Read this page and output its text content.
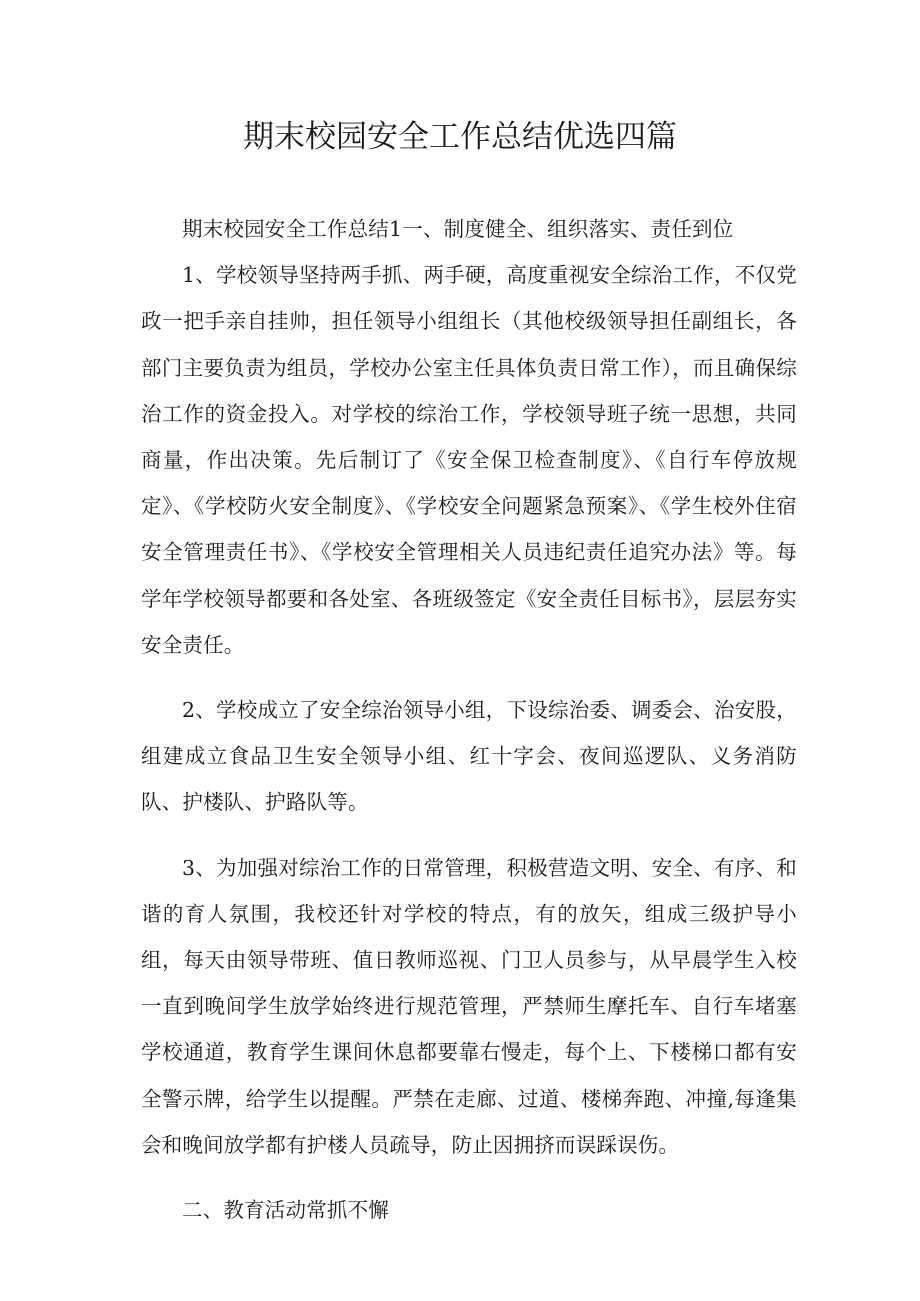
期末校园安全工作总结优选四篇

期末校园安全工作总结1一、制度健全、组织落实、责任到位

1、学校领导坚持两手抓、两手硬，高度重视安全综治工作，不仅党政一把手亲自挂帅，担任领导小组组长（其他校级领导担任副组长，各部门主要负责为组员，学校办公室主任具体负责日常工作），而且确保综治工作的资金投入。对学校的综治工作，学校领导班子统一思想，共同商量，作出决策。先后制订了《安全保卫检查制度》、《自行车停放规定》、《学校防火安全制度》、《学校安全问题紧急预案》、《学生校外住宿安全管理责任书》、《学校安全管理相关人员违纪责任追究办法》等。每学年学校领导都要和各处室、各班级签定《安全责任目标书》，层层夯实安全责任。

2、学校成立了安全综治领导小组，下设综治委、调委会、治安股，组建成立食品卫生安全领导小组、红十字会、夜间巡逻队、义务消防队、护楼队、护路队等。

3、为加强对综治工作的日常管理，积极营造文明、安全、有序、和谐的育人氛围，我校还针对学校的特点，有的放矢，组成三级护导小组，每天由领导带班、值日教师巡视、门卫人员参与，从早晨学生入校一直到晚间学生放学始终进行规范管理，严禁师生摩托车、自行车堵塞学校通道，教育学生课间休息都要靠右慢走，每个上、下楼梯口都有安全警示牌，给学生以提醒。严禁在走廊、过道、楼梯奔跑、冲撞,每逢集会和晚间放学都有护楼人员疏导，防止因拥挤而误踩误伤。

二、教育活动常抓不懈
